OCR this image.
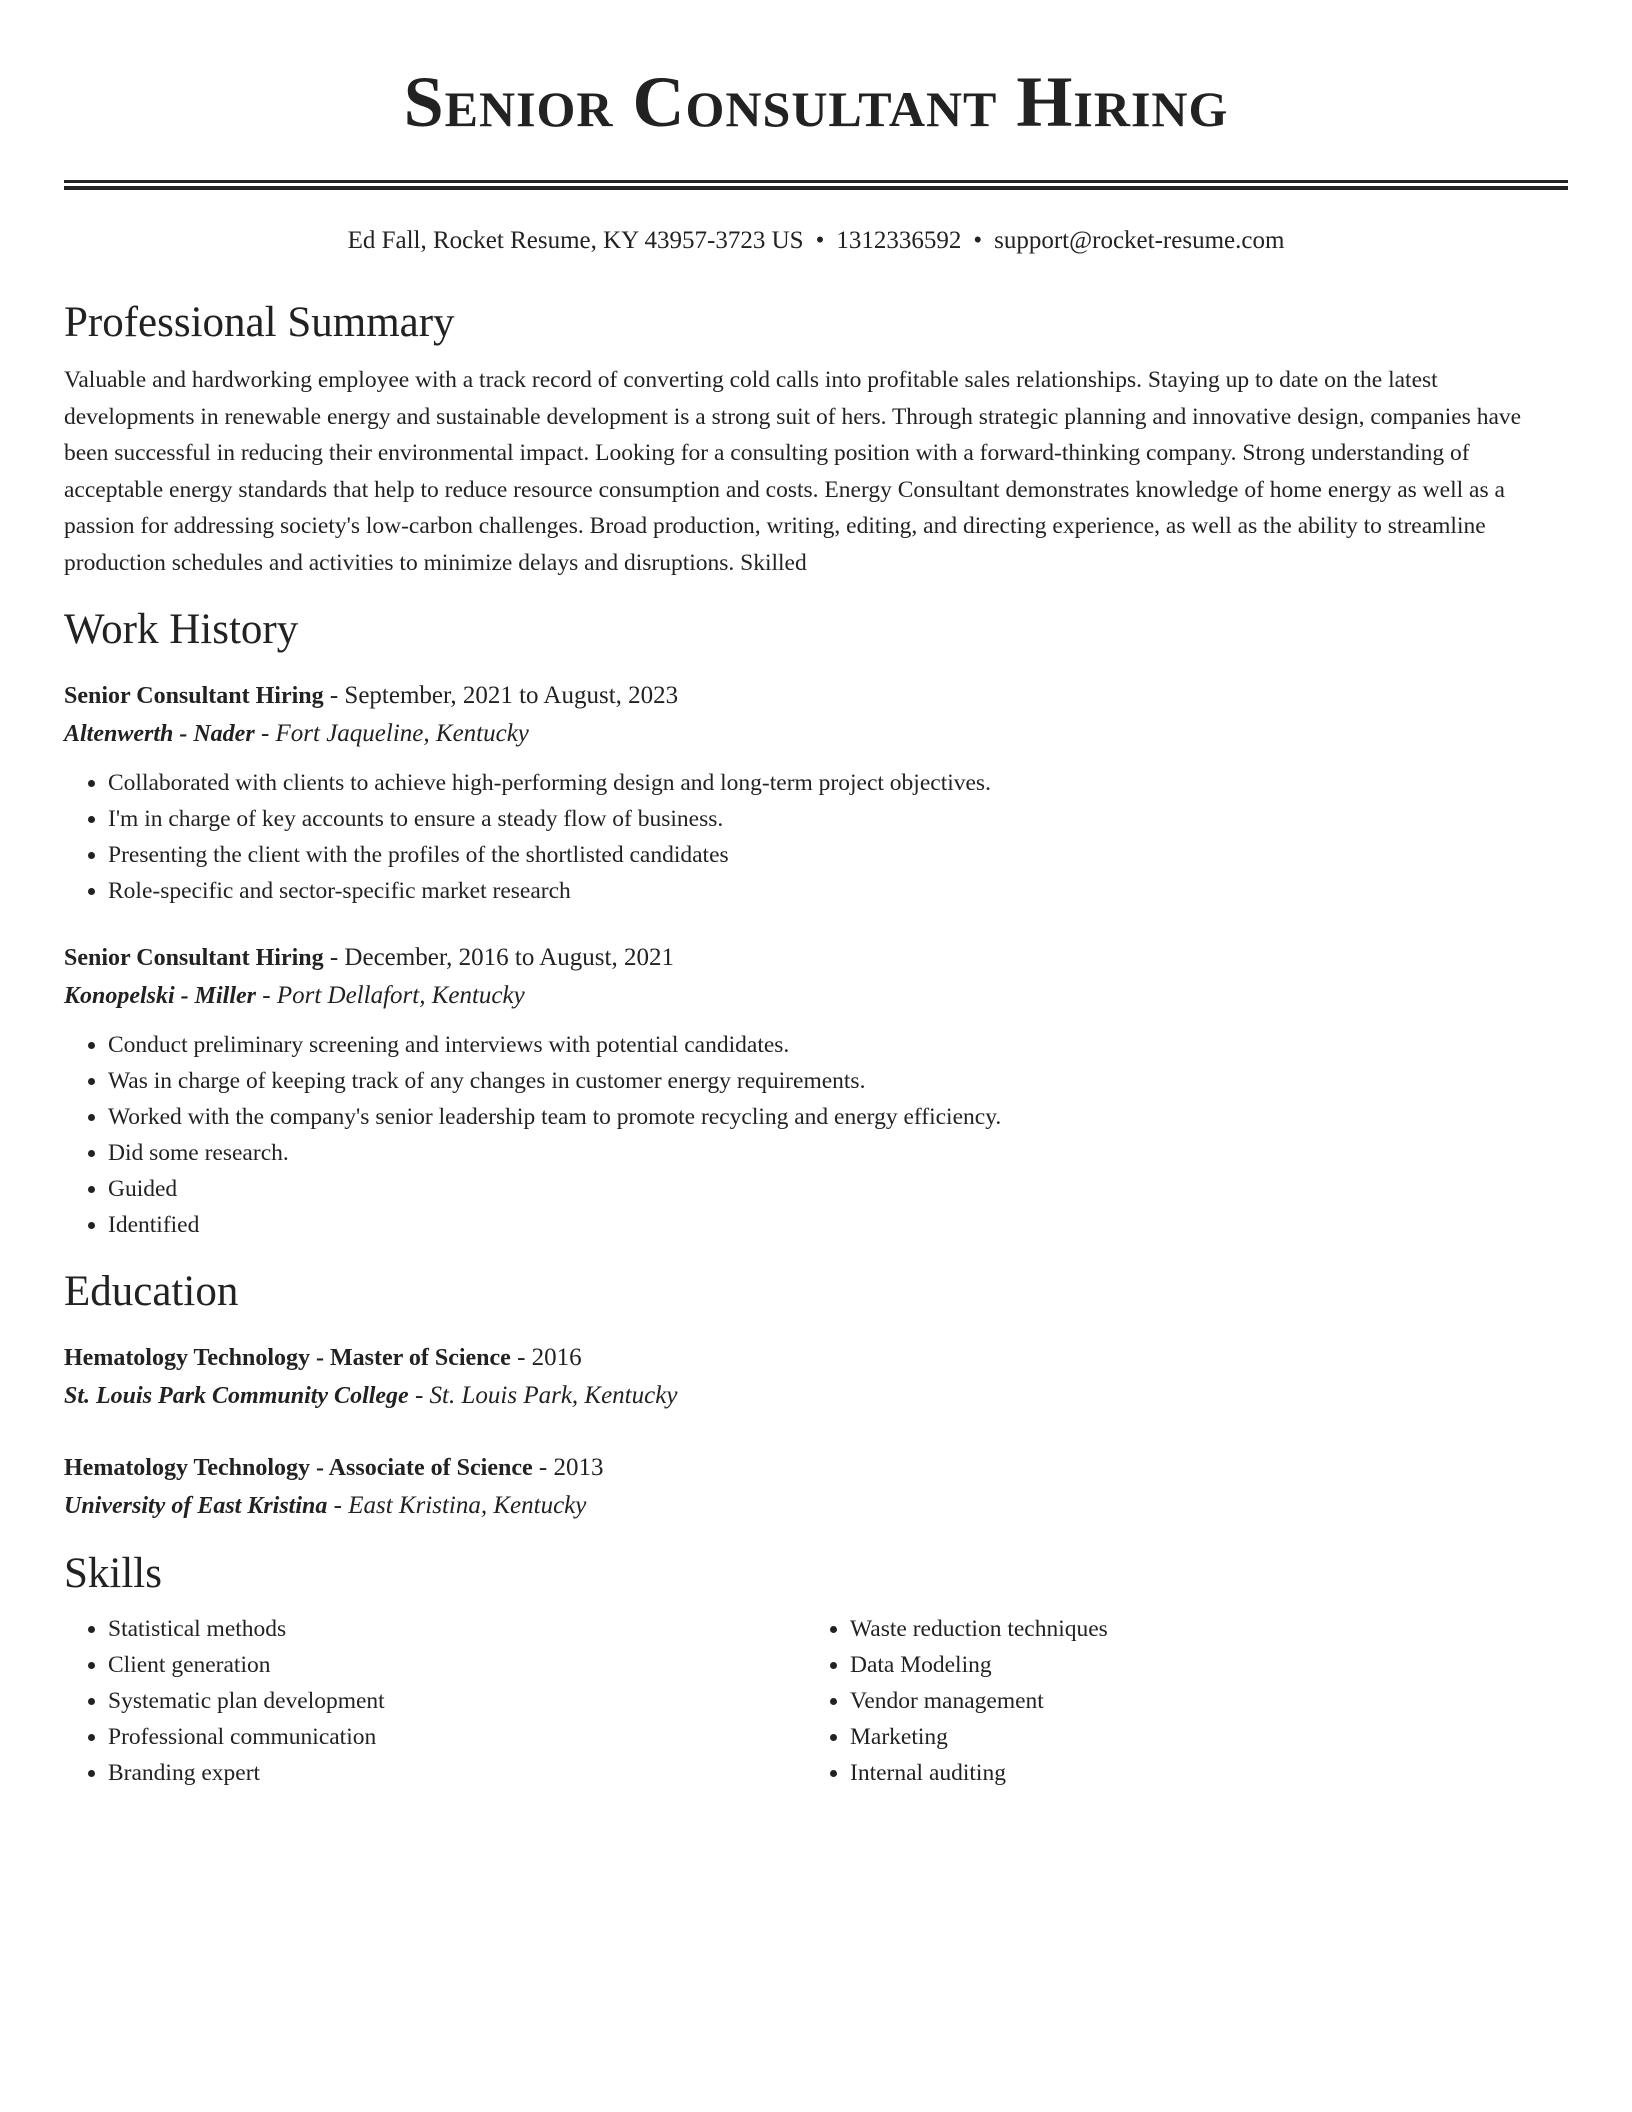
Senior Consultant Hiring
Ed Fall, Rocket Resume, KY 43957-3723 US • 1312336592 • support@rocket-resume.com
Professional Summary

Valuable and hardworking employee with a track record of converting cold calls into profitable sales relationships. Staying up to date on the latest developments in renewable energy and sustainable development is a strong suit of hers. Through strategic planning and innovative design, companies have been successful in reducing their environmental impact. Looking for a consulting position with a forward-thinking company. Strong understanding of acceptable energy standards that help to reduce resource consumption and costs. Energy Consultant demonstrates knowledge of home energy as well as a passion for addressing society's low-carbon challenges. Broad production, writing, editing, and directing experience, as well as the ability to streamline production schedules and activities to minimize delays and disruptions. Skilled

Work History
Senior Consultant Hiring - September, 2021 to August, 2023
Altenwerth - Nader - Fort Jaqueline, Kentucky
• Collaborated with clients to achieve high-performing design and long-term project objectives.
• I'm in charge of key accounts to ensure a steady flow of business.
• Presenting the client with the profiles of the shortlisted candidates
• Role-specific and sector-specific market research
Senior Consultant Hiring - December, 2016 to August, 2021
Konopelski - Miller - Port Dellafort, Kentucky
• Conduct preliminary screening and interviews with potential candidates.
• Was in charge of keeping track of any changes in customer energy requirements.
• Worked with the company's senior leadership team to promote recycling and energy efficiency.
• Did some research.
• Guided
• Identified
Education
Hematology Technology - Master of Science - 2016
St. Louis Park Community College - St. Louis Park, Kentucky
Hematology Technology - Associate of Science - 2013
University of East Kristina - East Kristina, Kentucky
Skills
• Statistical methods
• Client generation
• Systematic plan development
• Professional communication
• Branding expert
• Waste reduction techniques
• Data Modeling
• Vendor management
• Marketing
• Internal auditing
